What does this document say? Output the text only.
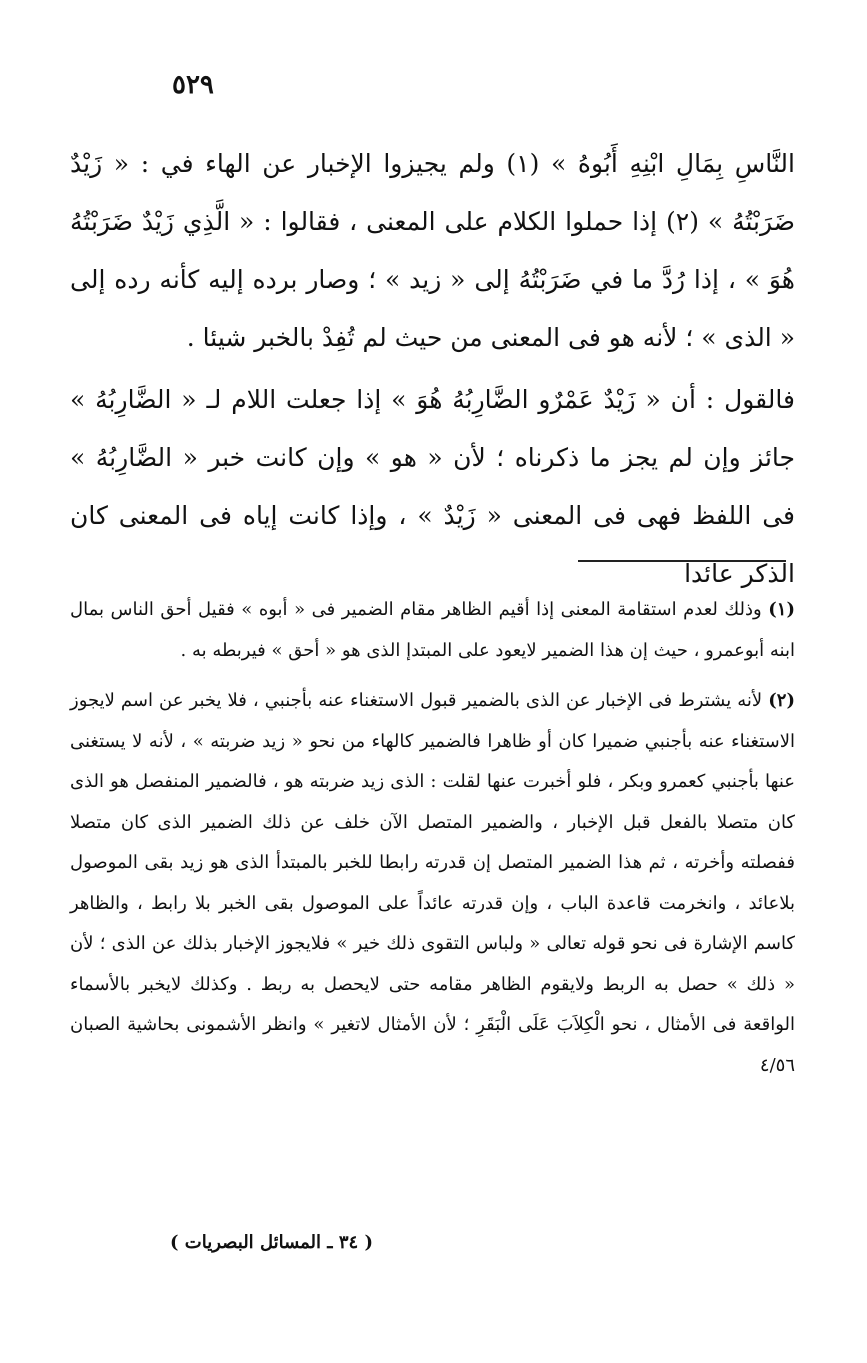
٥٢٩

النَّاسِ بِمَالِ ابْنِهِ أَبُوهُ » (١) ولم يجيزوا الإخبار عن الهاء في : « زَيْدٌ ضَرَبْتُهُ » (٢) إذا حملوا الكلام على المعنى ، فقالوا : « الَّذِي زَيْدٌ ضَرَبْتُهُ هُوَ » ، إذا رُدَّ ما في ضَرَبْتُهُ إلى « زيد » ؛ وصار برده إليه كأنه رده إلى « الذى » ؛ لأنه هو فى المعنى من حيث لم تُفِدْ بالخبر شيئا .

فالقول : أن « زَيْدٌ عَمْرٌو الضَّارِبُهُ هُوَ » إذا جعلت اللام لـ « الضَّارِبُهُ » جائز وإن لم يجز ما ذكرناه ؛ لأن « هو » وإن كانت خبر « الضَّارِبُهُ » فى اللفظ فهى فى المعنى « زَيْدٌ » ، وإذا كانت إياه فى المعنى كان الذكر عائدا

(١) وذلك لعدم استقامة المعنى إذا أقيم الظاهر مقام الضمير فى « أبوه » فقيل أحق الناس بمال ابنه أبوعمرو ، حيث إن هذا الضمير لايعود على المبتدإ الذى هو « أحق » فيربطه به .

(٢) لأنه يشترط فى الإخبار عن الذى بالضمير قبول الاستغناء عنه بأجنبي ، فلا يخبر عن اسم لايجوز الاستغناء عنه بأجنبي ضميرا كان أو ظاهرا فالضمير كالهاء من نحو « زيد ضربته » ، لأنه لا يستغنى عنها بأجنبي كعمرو وبكر ، فلو أخبرت عنها لقلت : الذى زيد ضربته هو ، فالضمير المنفصل هو الذى كان متصلا بالفعل قبل الإخبار ، والضمير المتصل الآن خلف عن ذلك الضمير الذى كان متصلا ففصلته وأخرته ، ثم هذا الضمير المتصل إن قدرته رابطا للخبر بالمبتدأ الذى هو زيد بقى الموصول بلاعائد ، وانخرمت قاعدة الباب ، وإن قدرته عائداً على الموصول بقى الخبر بلا رابط ، والظاهر كاسم الإشارة فى نحو قوله تعالى « ولباس التقوى ذلك خير » فلايجوز الإخبار بذلك عن الذى ؛ لأن « ذلك » حصل به الربط ولايقوم الظاهر مقامه حتى لايحصل به ربط . وكذلك لايخبر بالأسماء الواقعة فى الأمثال ، نحو الْكِلاَبَ عَلَى الْبَقَرِ ؛ لأن الأمثال لاتغير » وانظر الأشمونى بحاشية الصبان ٤/٥٦

( ٣٤ ـ المسائل البصريات )
